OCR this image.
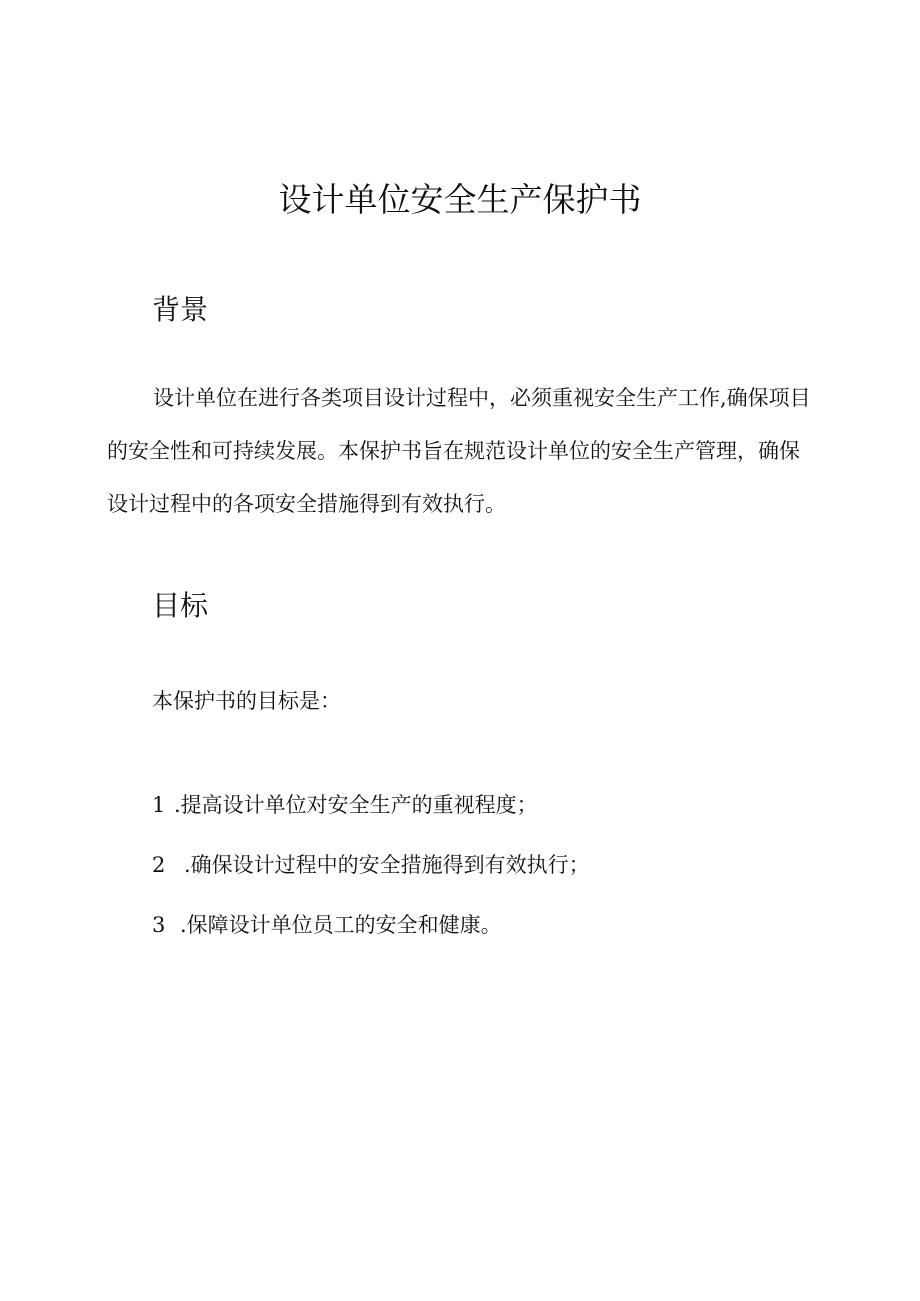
设计单位安全生产保护书
背景

设计单位在进行各类项目设计过程中，必须重视安全生产工作,确保项目的安全性和可持续发展。本保护书旨在规范设计单位的安全生产管理，确保设计过程中的各项安全措施得到有效执行。

目标
本保护书的目标是：
1 .提高设计单位对安全生产的重视程度；
2 .确保设计过程中的安全措施得到有效执行；
3 .保障设计单位员工的安全和健康。
